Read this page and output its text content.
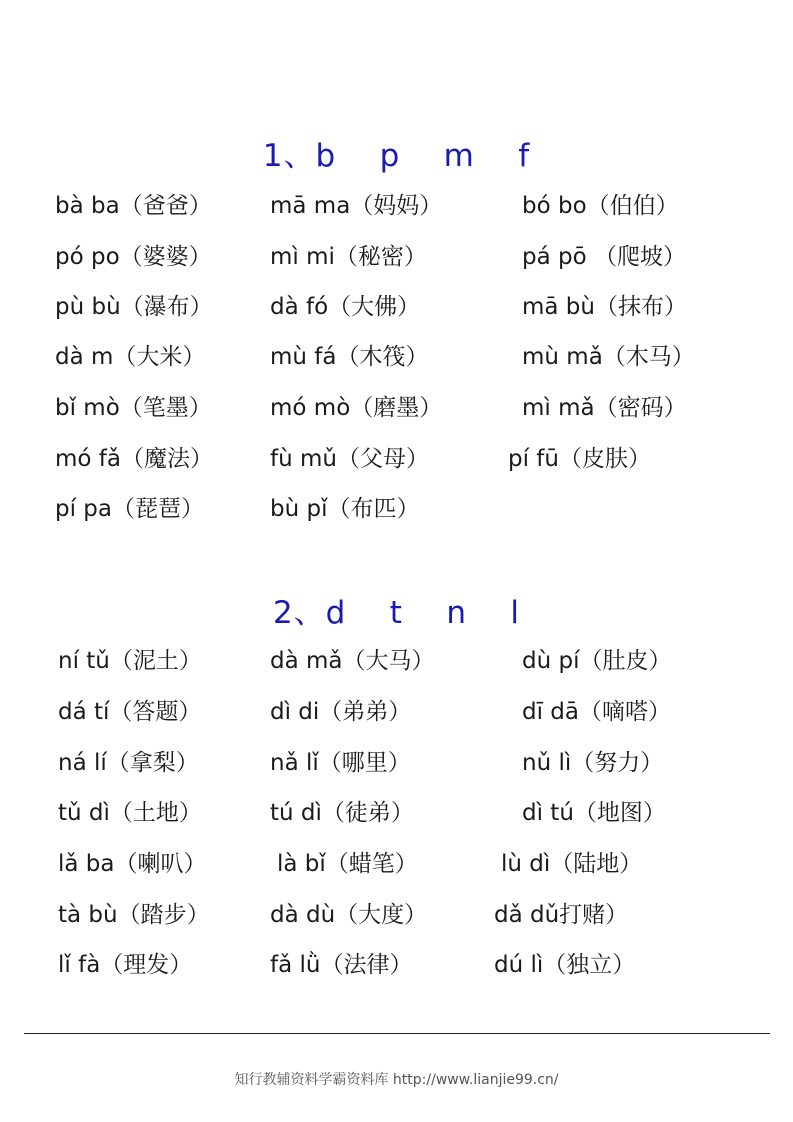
1、b    p    m    f
bà ba（爸爸）	mā ma（妈妈）	bó bo（伯伯）
pó po（婆婆）	mì mi（秘密）	pá pō （爬坡）
pù bù（瀑布） dà fó（大佛）	mā bù（抹布）
dà m（大米）	mù fá（木筏）	mù mǎ（木马）
bǐ mò（笔墨）	mó mò（磨墨）	mì mǎ（密码）
mó fǎ（魔法） fù mǔ（父母）	pí fū（皮肤）
pí pa（琵琶）	bù pǐ（布匹）
2、d    t    n    l
ní tǔ（泥土）	dà mǎ（大马）	dù pí（肚皮）
dá tí（答题）	dì di（弟弟）	dī dā（嘀嗒）
ná lí（拿梨）	nǎ lǐ（哪里）	nǔ lì（努力）
tǔ dì（土地）	tú dì（徒弟）	dì tú（地图）
lǎ ba（喇叭）	là bǐ（蜡笔）	lù dì（陆地）
tà bù（踏步）	dà dù（大度）	dǎ dǔ打赌）
lǐ fà（理发）	fǎ lǜ（法律）	dú lì（独立）
知行教辅资料学霸资料库 http://www.lianjie99.cn/
